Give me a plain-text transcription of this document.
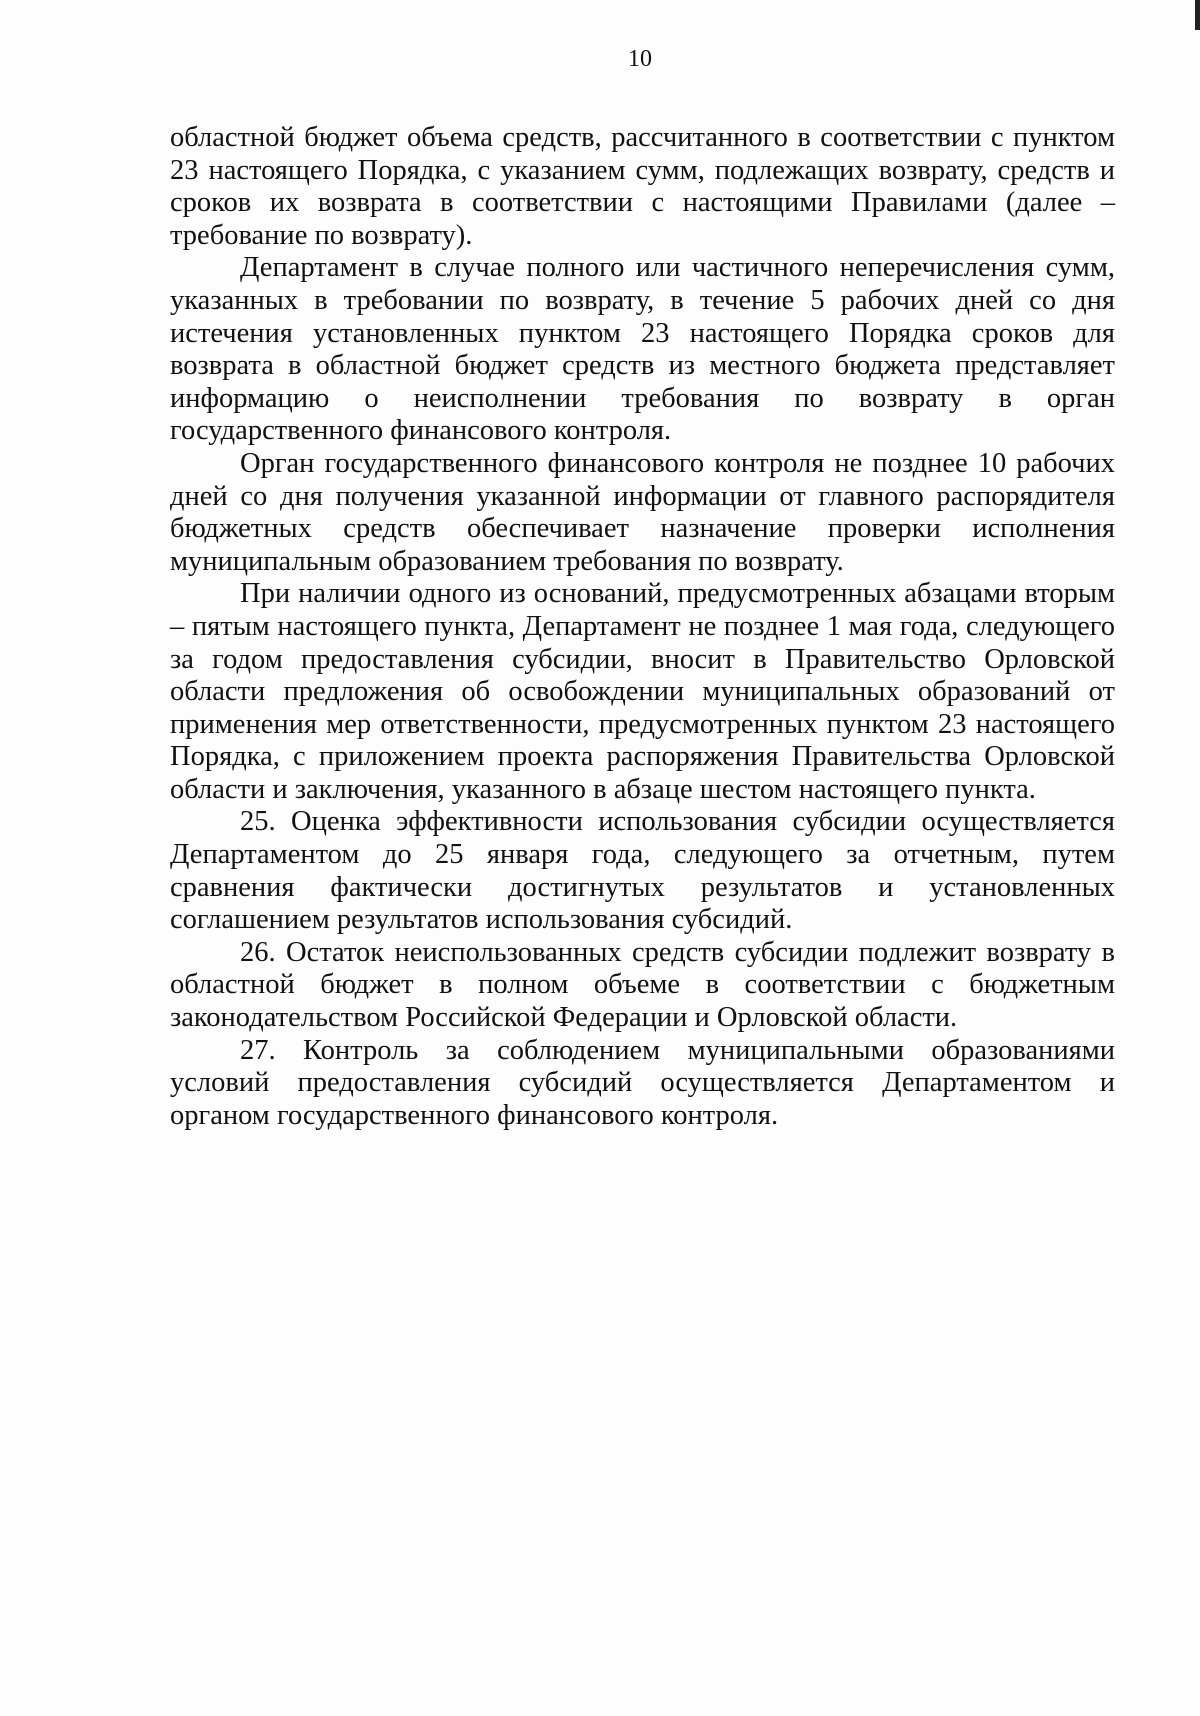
10

областной бюджет объема средств, рассчитанного в соответствии с пунктом 23 настоящего Порядка, с указанием сумм, подлежащих возврату, средств и сроков их возврата в соответствии с настоящими Правилами (далее – требование по возврату).

Департамент в случае полного или частичного неперечисления сумм, указанных в требовании по возврату, в течение 5 рабочих дней со дня истечения установленных пунктом 23 настоящего Порядка сроков для возврата в областной бюджет средств из местного бюджета представляет информацию о неисполнении требования по возврату в орган государственного финансового контроля.

Орган государственного финансового контроля не позднее 10 рабочих дней со дня получения указанной информации от главного распорядителя бюджетных средств обеспечивает назначение проверки исполнения муниципальным образованием требования по возврату.

При наличии одного из оснований, предусмотренных абзацами вторым – пятым настоящего пункта, Департамент не позднее 1 мая года, следующего за годом предоставления субсидии, вносит в Правительство Орловской области предложения об освобождении муниципальных образований от применения мер ответственности, предусмотренных пунктом 23 настоящего Порядка, с приложением проекта распоряжения Правительства Орловской области и заключения, указанного в абзаце шестом настоящего пункта.

25. Оценка эффективности использования субсидии осуществляется Департаментом до 25 января года, следующего за отчетным, путем сравнения фактически достигнутых результатов и установленных соглашением результатов использования субсидий.

26. Остаток неиспользованных средств субсидии подлежит возврату в областной бюджет в полном объеме в соответствии с бюджетным законодательством Российской Федерации и Орловской области.

27. Контроль за соблюдением муниципальными образованиями условий предоставления субсидий осуществляется Департаментом и органом государственного финансового контроля.
